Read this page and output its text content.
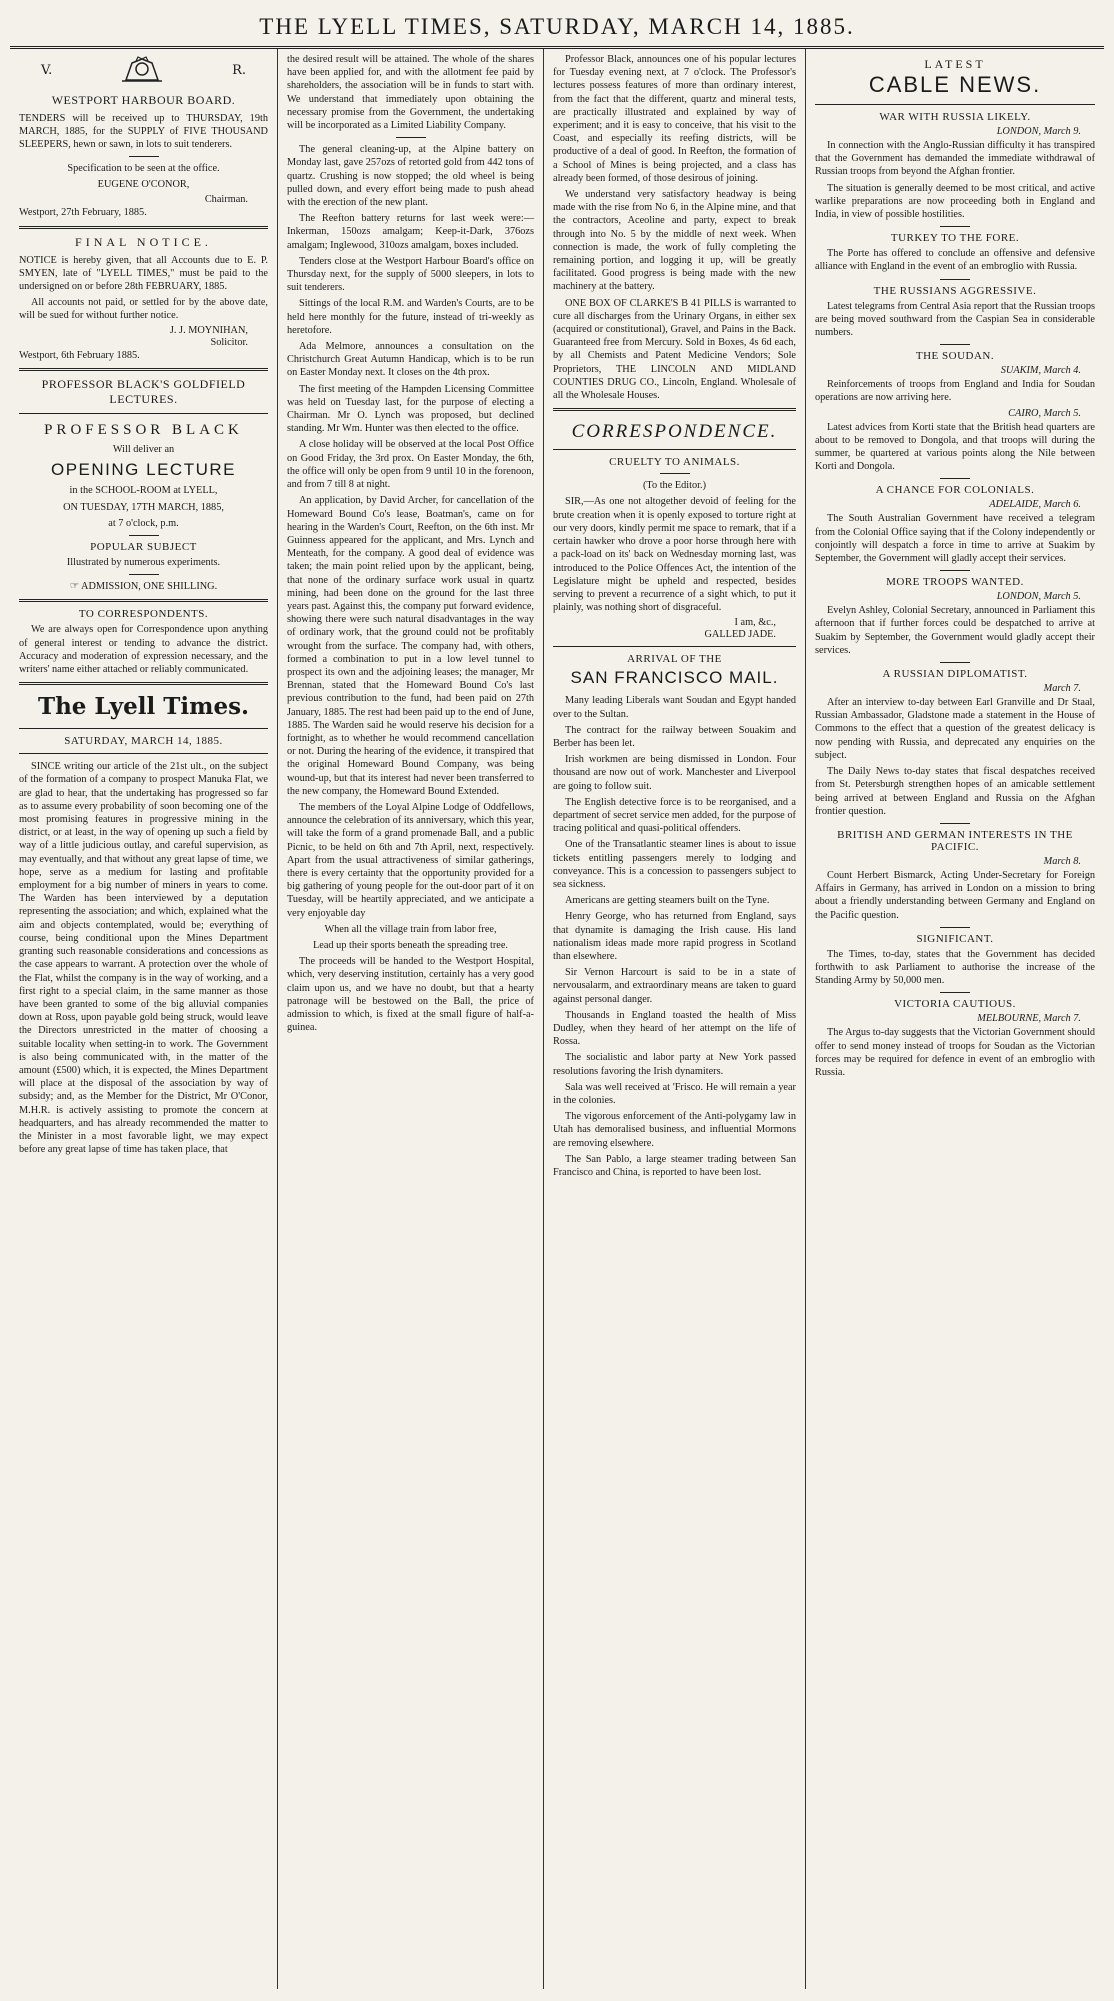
THE LYELL TIMES, SATURDAY, MARCH 14, 1885.
V.	R.
WESTPORT HARBOUR BOARD.
TENDERS will be received up to THURSDAY, 19th MARCH, 1885, for the SUPPLY of FIVE THOUSAND SLEEPERS, hewn or sawn, in lots to suit tenderers.

Specification to be seen at the office.

EUGENE O'CONOR,

Chairman.

Westport, 27th February, 1885.

FINAL NOTICE.
NOTICE is hereby given, that all Accounts due to E. P. SMYEN, late of "LYELL TIMES," must be paid to the undersigned on or before 28th FEBRUARY, 1885.

All accounts not paid, or settled for by the above date, will be sued for without further notice.

J. J. MOYNIHAN,
Solicitor.

Westport, 6th February 1885.

PROFESSOR BLACK'S GOLDFIELD LECTURES.
PROFESSOR BLACK

Will deliver an

OPENING LECTURE

in the SCHOOL-ROOM at LYELL,

ON TUESDAY, 17TH MARCH, 1885,

at 7 o'clock, p.m.

POPULAR SUBJECT

Illustrated by numerous experiments.

☞ ADMISSION, ONE SHILLING.

TO CORRESPONDENTS.

We are always open for Correspondence upon anything of general interest or tending to advance the district. Accuracy and moderation of expression necessary, and the writers' name either attached or reliably communicated.

The Lyell Times.
SATURDAY, MARCH 14, 1885.

SINCE writing our article of the 21st ult., on the subject of the formation of a company to prospect Manuka Flat, we are glad to hear, that the undertaking has progressed so far as to assume every probability of soon becoming one of the most promising features in progressive mining in the district, or at least, in the way of opening up such a field by way of a little judicious outlay, and careful supervision, as may eventually, and that without any great lapse of time, we hope, serve as a medium for lasting and profitable employment for a big number of miners in years to come. The Warden has been interviewed by a deputation representing the association; and which, explained what the aim and objects contemplated, would be; everything of course, being conditional upon the Mines Department granting such reasonable considerations and concessions as the case appears to warrant. A protection over the whole of the Flat, whilst the company is in the way of working, and a first right to a special claim, in the same manner as those have been granted to some of the big alluvial companies down at Ross, upon payable gold being struck, would leave the Directors unrestricted in the matter of choosing a suitable locality when setting-in to work. The Government is also being communicated with, in the matter of the amount (£500) which, it is expected, the Mines Department will place at the disposal of the association by way of subsidy; and, as the Member for the District, Mr O'Conor, M.H.R. is actively assisting to promote the concern at headquarters, and has already recommended the matter to the Minister in a most favorable light, we may expect before any great lapse of time has taken place, that

the desired result will be attained. The whole of the shares have been applied for, and with the allotment fee paid by shareholders, the association will be in funds to start with. We understand that immediately upon obtaining the necessary promise from the Government, the undertaking will be incorporated as a Limited Liability Company.

The general cleaning-up, at the Alpine battery on Monday last, gave 257ozs of retorted gold from 442 tons of quartz. Crushing is now stopped; the old wheel is being pulled down, and every effort being made to push ahead with the erection of the new plant.

The Reefton battery returns for last week were:—Inkerman, 150ozs amalgam; Keep-it-Dark, 376ozs amalgam; Inglewood, 310ozs amalgam, boxes included.

Tenders close at the Westport Harbour Board's office on Thursday next, for the supply of 5000 sleepers, in lots to suit tenderers.

Sittings of the local R.M. and Warden's Courts, are to be held here monthly for the future, instead of tri-weekly as heretofore.

Ada Melmore, announces a consultation on the Christchurch Great Autumn Handicap, which is to be run on Easter Monday next. It closes on the 4th prox.

The first meeting of the Hampden Licensing Committee was held on Tuesday last, for the purpose of electing a Chairman. Mr O. Lynch was proposed, but declined standing. Mr Wm. Hunter was then elected to the office.

A close holiday will be observed at the local Post Office on Good Friday, the 3rd prox. On Easter Monday, the 6th, the office will only be open from 9 until 10 in the forenoon, and from 7 till 8 at night.

An application, by David Archer, for cancellation of the Homeward Bound Co's lease, Boatman's, came on for hearing in the Warden's Court, Reefton, on the 6th inst. Mr Guinness appeared for the applicant, and Mrs. Lynch and Menteath, for the company. A good deal of evidence was taken; the main point relied upon by the applicant, being, that none of the ordinary surface work usual in quartz mining, had been done on the ground for the last three years past. Against this, the company put forward evidence, showing there were such natural disadvantages in the way of ordinary work, that the ground could not be profitably wrought from the surface. The company had, with others, formed a combination to put in a low level tunnel to prospect its own and the adjoining leases; the manager, Mr Brennan, stated that the Homeward Bound Co's last previous contribution to the fund, had been paid on 27th January, 1885. The rest had been paid up to the end of June, 1885. The Warden said he would reserve his decision for a fortnight, as to whether he would recommend cancellation or not. During the hearing of the evidence, it transpired that the original Homeward Bound Company, was being wound-up, but that its interest had never been transferred to the new company, the Homeward Bound Extended.

The members of the Loyal Alpine Lodge of Oddfellows, announce the celebration of its anniversary, which this year, will take the form of a grand promenade Ball, and a public Picnic, to be held on 6th and 7th April, next, respectively. Apart from the usual attractiveness of similar gatherings, there is every certainty that the opportunity provided for a big gathering of young people for the out-door part of it on Tuesday, will be heartily appreciated, and we anticipate a very enjoyable day

When all the village train from labor free,

Lead up their sports beneath the spreading tree.

The proceeds will be handed to the Westport Hospital, which, very deserving institution, certainly has a very good claim upon us, and we have no doubt, but that a hearty patronage will be bestowed on the Ball, the price of admission to which, is fixed at the small figure of half-a-guinea.

Professor Black, announces one of his popular lectures for Tuesday evening next, at 7 o'clock. The Professor's lectures possess features of more than ordinary interest, from the fact that the different, quartz and mineral tests, are practically illustrated and explained by way of experiment; and it is easy to conceive, that his visit to the Coast, and especially its reefing districts, will be productive of a deal of good. In Reefton, the formation of a School of Mines is being projected, and a class has already been formed, of those desirous of joining.

We understand very satisfactory headway is being made with the rise from No 6, in the Alpine mine, and that the contractors, Aceoline and party, expect to break through into No. 5 by the middle of next week. When connection is made, the work of fully completing the remaining portion, and logging it up, will be greatly facilitated. Good progress is being made with the new machinery at the battery.

ONE BOX OF CLARKE'S B 41 PILLS is warranted to cure all discharges from the Urinary Organs, in either sex (acquired or constitutional), Gravel, and Pains in the Back. Guaranteed free from Mercury. Sold in Boxes, 4s 6d each, by all Chemists and Patent Medicine Vendors; Sole Proprietors, THE LINCOLN AND MIDLAND COUNTIES DRUG CO., Lincoln, England. Wholesale of all the Wholesale Houses.

CORRESPONDENCE.
CRUELTY TO ANIMALS.

(To the Editor.)

SIR,—As one not altogether devoid of feeling for the brute creation when it is openly exposed to torture right at our very doors, kindly permit me space to remark, that if a certain hawker who drove a poor horse through here with a pack-load on its' back on Wednesday morning last, was introduced to the Police Offences Act, the intention of the Legislature might be upheld and respected, besides serving to prevent a recurrence of a sight which, to put it plainly, was nothing short of disgraceful.

I am, &c.,
GALLED JADE.
ARRIVAL OF THE
SAN FRANCISCO MAIL.

Many leading Liberals want Soudan and Egypt handed over to the Sultan.

The contract for the railway between Souakim and Berber has been let.

Irish workmen are being dismissed in London. Four thousand are now out of work. Manchester and Liverpool are going to follow suit.

The English detective force is to be reorganised, and a department of secret service men added, for the purpose of tracing political and quasi-political offenders.

One of the Transatlantic steamer lines is about to issue tickets entitling passengers merely to lodging and conveyance. This is a concession to passengers subject to sea sickness.

Americans are getting steamers built on the Tyne.

Henry George, who has returned from England, says that dynamite is damaging the Irish cause. His land nationalism ideas made more rapid progress in Scotland than elsewhere.

Sir Vernon Harcourt is said to be in a state of nervousalarm, and extraordinary means are taken to guard against personal danger.

Thousands in England toasted the health of Miss Dudley, when they heard of her attempt on the life of Rossa.

The socialistic and labor party at New York passed resolutions favoring the Irish dynamiters.

Sala was well received at 'Frisco. He will remain a year in the colonies.

The vigorous enforcement of the Anti-polygamy law in Utah has demoralised business, and influential Mormons are removing elsewhere.

The San Pablo, a large steamer trading between San Francisco and China, is reported to have been lost.

LATEST
CABLE NEWS.
WAR WITH RUSSIA LIKELY.
LONDON, March 9.

In connection with the Anglo-Russian difficulty it has transpired that the Government has demanded the immediate withdrawal of Russian troops from beyond the Afghan frontier.

The situation is generally deemed to be most critical, and active warlike preparations are now proceeding both in England and India, in view of possible hostilities.

TURKEY TO THE FORE.

The Porte has offered to conclude an offensive and defensive alliance with England in the event of an embroglio with Russia.

THE RUSSIANS AGGRESSIVE.

Latest telegrams from Central Asia report that the Russian troops are being moved southward from the Caspian Sea in considerable numbers.

THE SOUDAN.
SUAKIM, March 4.

Reinforcements of troops from England and India for Soudan operations are now arriving here.

CAIRO, March 5.

Latest advices from Korti state that the British head quarters are about to be removed to Dongola, and that troops will during the summer, be quartered at various points along the Nile between Korti and Dongola.

A CHANCE FOR COLONIALS.
ADELAIDE, March 6.

The South Australian Government have received a telegram from the Colonial Office saying that if the Colony independently or conjointly will despatch a force in time to arrive at Suakim by September, the Government will gladly accept their services.

MORE TROOPS WANTED.
LONDON, March 5.

Evelyn Ashley, Colonial Secretary, announced in Parliament this afternoon that if further forces could be despatched to arrive at Suakim by September, the Government would gladly accept their services.

A RUSSIAN DIPLOMATIST.
March 7.

After an interview to-day between Earl Granville and Dr Staal, Russian Ambassador, Gladstone made a statement in the House of Commons to the effect that a question of the greatest delicacy is now pending with Russia, and deprecated any enquiries on the subject.

The Daily News to-day states that fiscal despatches received from St. Petersburgh strengthen hopes of an amicable settlement being arrived at between England and Russia on the Afghan frontier question.

BRITISH AND GERMAN INTERESTS IN THE PACIFIC.
March 8.

Count Herbert Bismarck, Acting Under-Secretary for Foreign Affairs in Germany, has arrived in London on a mission to bring about a friendly understanding between Germany and England on the Pacific question.

SIGNIFICANT.

The Times, to-day, states that the Government has decided forthwith to ask Parliament to authorise the increase of the Standing Army by 50,000 men.

VICTORIA CAUTIOUS.
MELBOURNE, March 7.

The Argus to-day suggests that the Victorian Government should offer to send money instead of troops for Soudan as the Victorian forces may be required for defence in event of an embroglio with Russia.
